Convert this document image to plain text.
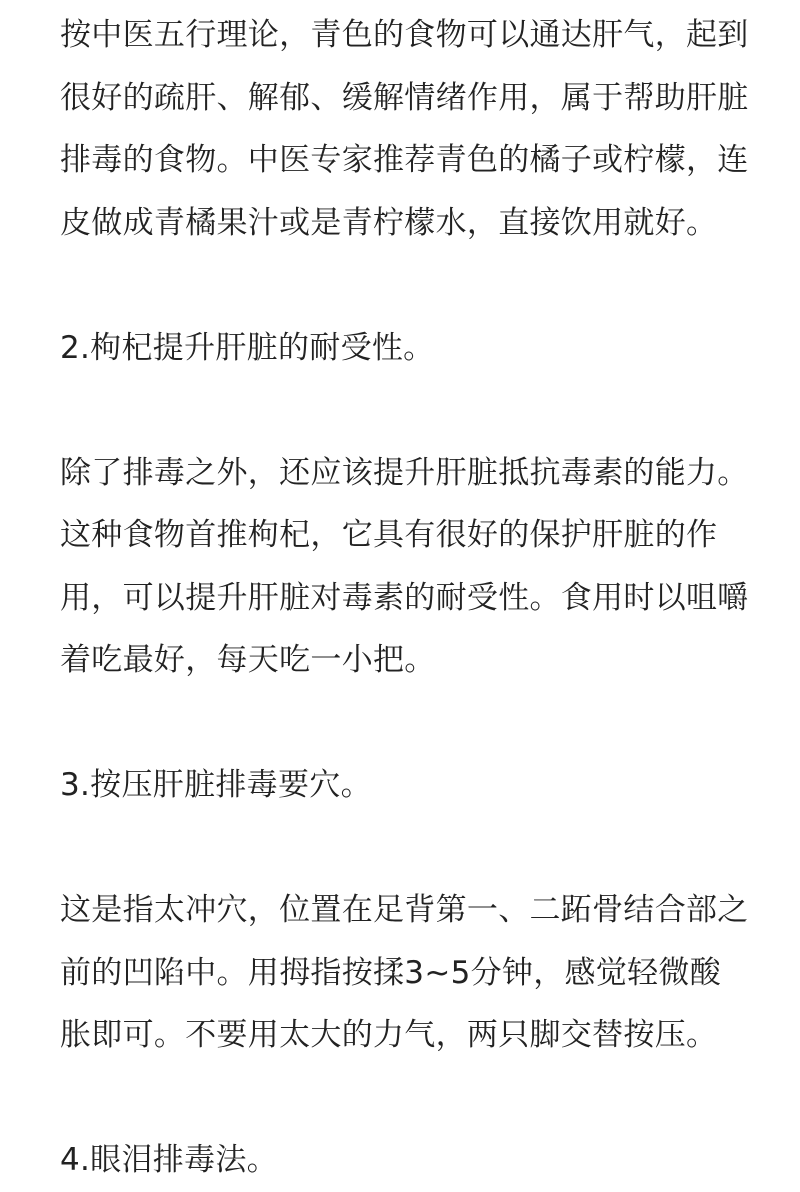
按中医五行理论，青色的食物可以通达肝气，起到很好的疏肝、解郁、缓解情绪作用，属于帮助肝脏排毒的食物。中医专家推荐青色的橘子或柠檬，连皮做成青橘果汁或是青柠檬水，直接饮用就好。

2.枸杞提升肝脏的耐受性。

除了排毒之外，还应该提升肝脏抵抗毒素的能力。这种食物首推枸杞，它具有很好的保护肝脏的作用，可以提升肝脏对毒素的耐受性。食用时以咀嚼着吃最好，每天吃一小把。

3.按压肝脏排毒要穴。

这是指太冲穴，位置在足背第一、二跖骨结合部之前的凹陷中。用拇指按揉3~5分钟，感觉轻微酸胀即可。不要用太大的力气，两只脚交替按压。

4.眼泪排毒法。
